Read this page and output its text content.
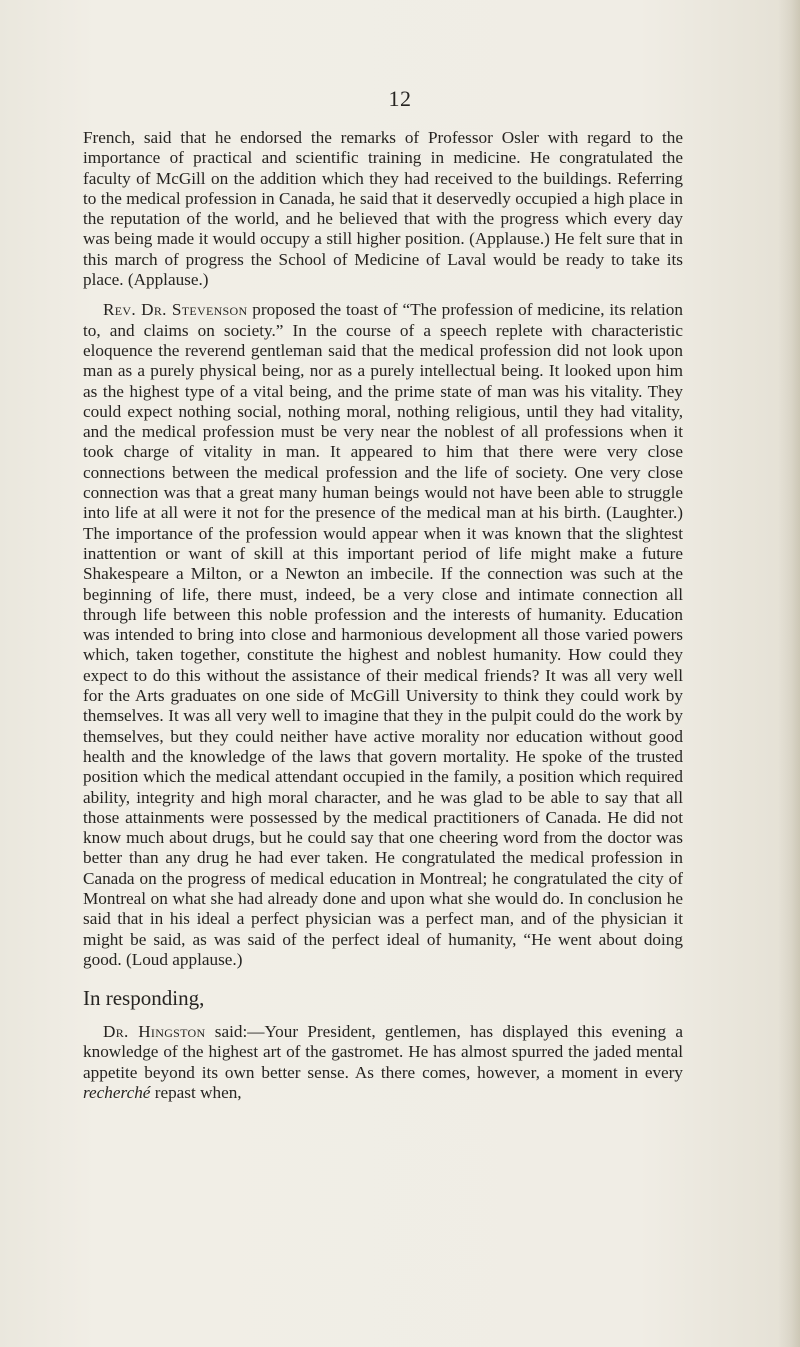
12

French, said that he endorsed the remarks of Professor Osler with regard to the importance of practical and scientific training in medicine. He congratulated the faculty of McGill on the addition which they had received to the buildings. Referring to the medical profession in Canada, he said that it deservedly occupied a high place in the reputation of the world, and he believed that with the progress which every day was being made it would occupy a still higher position. (Applause.) He felt sure that in this march of progress the School of Medicine of Laval would be ready to take its place. (Applause.)

Rev. Dr. Stevenson proposed the toast of “The profession of medicine, its relation to, and claims on society.” In the course of a speech replete with characteristic eloquence the reverend gentleman said that the medical profession did not look upon man as a purely physical being, nor as a purely intellectual being. It looked upon him as the highest type of a vital being, and the prime state of man was his vitality. They could expect nothing social, nothing moral, nothing religious, until they had vitality, and the medical profession must be very near the noblest of all professions when it took charge of vitality in man. It appeared to him that there were very close connections between the medical profession and the life of society. One very close connection was that a great many human beings would not have been able to struggle into life at all were it not for the presence of the medical man at his birth. (Laughter.) The importance of the profession would appear when it was known that the slightest inattention or want of skill at this important period of life might make a future Shakespeare a Milton, or a Newton an imbecile. If the connection was such at the beginning of life, there must, indeed, be a very close and intimate connection all through life between this noble profession and the interests of humanity. Education was intended to bring into close and harmonious development all those varied powers which, taken together, constitute the highest and noblest humanity. How could they expect to do this without the assistance of their medical friends? It was all very well for the Arts graduates on one side of McGill University to think they could work by themselves. It was all very well to imagine that they in the pulpit could do the work by themselves, but they could neither have active morality nor education without good health and the knowledge of the laws that govern mortality. He spoke of the trusted position which the medical attendant occupied in the family, a position which required ability, integrity and high moral character, and he was glad to be able to say that all those attainments were possessed by the medical practitioners of Canada. He did not know much about drugs, but he could say that one cheering word from the doctor was better than any drug he had ever taken. He congratulated the medical profession in Canada on the progress of medical education in Montreal; he congratulated the city of Montreal on what she had already done and upon what she would do. In conclusion he said that in his ideal a perfect physician was a perfect man, and of the physician it might be said, as was said of the perfect ideal of humanity, “He went about doing good. (Loud applause.)

In responding,

Dr. Hingston said:—Your President, gentlemen, has displayed this evening a knowledge of the highest art of the gastromet. He has almost spurred the jaded mental appetite beyond its own better sense. As there comes, however, a moment in every recherché repast when,
